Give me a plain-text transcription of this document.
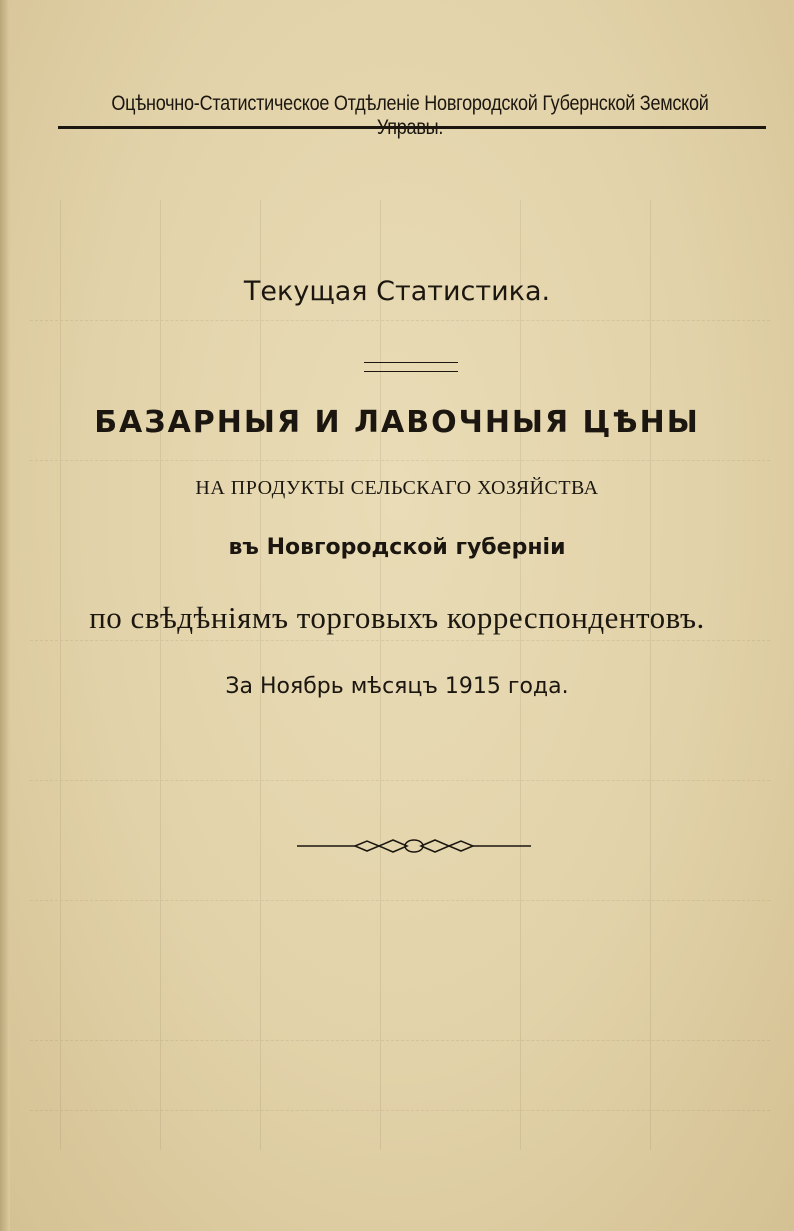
Оцѣночно-Статистическое Отдѣленіе Новгородской Губернской Земской Управы.
Текущая Статистика.
БАЗАРНЫЯ И ЛАВОЧНЫЯ ЦѢНЫ
НА ПРОДУКТЫ СЕЛЬСКАГО ХОЗЯЙСТВА
въ Новгородской губерніи
по свѣдѣніямъ торговыхъ корреспондентовъ.
За Ноябрь мѣсяцъ 1915 года.
